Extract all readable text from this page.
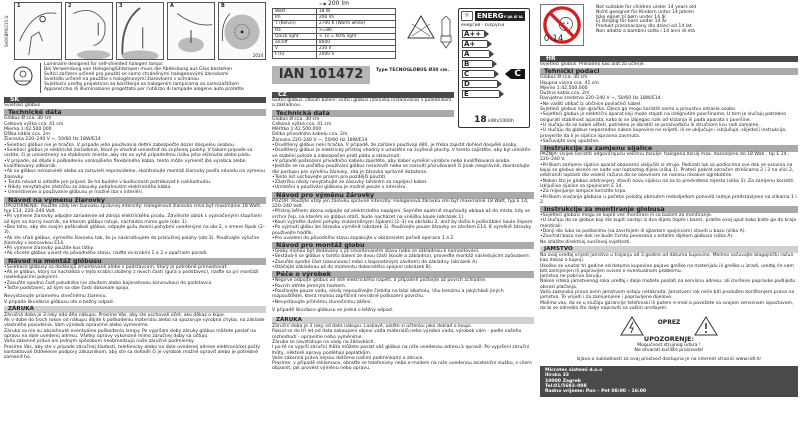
SH00BM0215-U
1	2	3	A	B
2014

Luminaire designed for self-shielded halogen lamps

Bei Verwendung von Halogenglühlampen muss die Abdeckung aus Glas bestehen

Svítící zařízení určené pro použití se samo chráněnými halogenovými žárovkami

Svietidlo určené na použitie s halogénovými žiarovkami s ochranou

Svjetlosni uređaj projektiran za korištenje sa halogenim lampicama sa samozaštitom

Apparecchio di illuminazione progettato per l'utilizzo di lampade alogene auto protette

SK

Svietiaci glóbus

Technické dáta

Glóbus Ø cca. 30 cm

Celková výška cca. 41 cm

Mierka 1:42.500.000

Dĺžka kábla cca. 2m

Žiarovka 220–240 V ~, 50/60 Hz 18W/E14

•Svietiaci glóbus nie je hračka. V prípade jeho používania deťmi zabezpečte dozor dospelou osobou.

•Svietiaci glóbus je elektrické zariadenie, ktoré je vhodné umiestniť do zvýšenej polohy. V takom prípade sa uistite, či je umiestnený na stabilnom mieste, aby ste sa vyhli prípadnému riziku jeho skĺznutia alebo pádu.

•V prípade, ak dôjde k poškodeniu vonkajšieho flexibilného kábla, tento môže vymeniť iba výrobca alebo kvalifikovaný odborník.

•Ak sa glóbus nerozsvieti alebo sa rozsvieti nepravidelne, skontrolujte montáž žiarovky podľa návodu na výmenu žiarovky.

• Tento návod si odložte pre prípad, že ho budete v budúcnosti potrebovať k nahliadnutiu.

• Nikdy nevyťahujte zástrčku zo zásuvky potiahnutím elektrického kábla.

• Umiestnenie a používanie glóbusu je možné iba v interiéri.

Návod na výmenu žiarovky

UPOZORNENIE: Použite vždy len žiarovku správnej intenzity: Halogénová žiarovka smie byť maximálne 18 Watt, typ E14, 220–240 Volt.

•Pri výmene žiarovky odpojte zariadenie od zdroja elektrického prúdu. Zdvihnite oblúk s vyznačenými stupňami až kým sa horný svorník, na ktorom glóbus rotuje, nachádza mimo gule (obr. 1).

•Bez toho, aby ste svojím poškrabali glóbus, odpojte guľu dvomi pohybmi uvedenými na obr.2, v smere šípok (2–3).

•Ak ste sňali glóbus, vymeňte žiarovku tak, že ju naskrutkujete do príslušnej polohy (obr.3). Používajte výlučne žiarovky s koncovkou E14.

•Pri výmene žiarovky použite kus látky.

•Ak chcete glóbus uviesť do pôvodného stavu, riaďte sa krokmi 1 a 2 v opačnom poradí.

Návod na montáž glóbusu

•Svietiace glóbusy sa dodávajú zmontované alebo s podstavcom, ktorý je potrebné primontovať.

•Ak je glóbus, ktorý sa nachádza v tejto krabici zložený z dvoch častí (guľa a podstavec), riaďte sa pri montáži nasledujúcimi pokynmi:

•Zasuňte spodnú časť poludníka (so závitom alebo bajonetovou koncovkou) do podstavca.

•Točte podstavec, až kým sa obe časti dokonale spoja.

Nevystavujte priamemu slnečnému žiareniu.

V prípade likvidácie glóbusu ide o bežný odpad.

ZÁRUKA

Záručná doba je 3 roky odo dňa nákupu. Prosíme Vás, aby ste uschovali účet, ako dôkaz o kúpe.

Ak v dobe do troch rokov od nákupu dôjde k poškodeniu materiálu alebo sa spozoruje výrobná chyba, na základe vlastného posúdenia, Vám výrobok opravíme alebo vymeníme.

Záruka sa nie su obsiahnuté eventuálne poškodenia lampy. Po vypršaní doby záruky glóbus môžete poslať na opravu na dole uvedenú adresu. Všetky opravy vykonané mimo záručnej doby sa účtujú.

Vaša zákonné práva ani jedným spôsobom neobmedzujú naše záručné podmienky.

Prosíme Vás, aby ste v prípade záručnej žiadosti, telefonicky alebo na dole uvedenej adrese elektronickej pošty kontaktovali Oddelenie podpory zákazníkom, aby ste sa dohodli či je výrobok možné opraviť alebo je potrebné zameniť ho.

≈ ▶ 200 lm
Watt	18 W
lm	200 lm
T (Kelvin)	2700 K (Warm white)
Ra	>=80
Quick light	< 1s = 60% light
on/off	8000
V	230 V
t (h)	2000 h
IAN 101472	Type TECNOGLOBUS Ø30 cm.
☼	ENERGY IJA IE IA
енергия · ενεργεια
A++
A+
A
B
C	C
D
E
18 kWh/1000h
CZ

Svítící glóbus. Obsah balení: svítící glóbus (žárovka instalována) s poledníkem a základnou.

Technická data

Glóbus Ø cca. 30 cm

Celková výška cca. 41 cm

Měřítko 1:42.500.000

Délka přívodního kabelu cca. 2m

Žárovka 220–240 V ~, 50/60 Hz 18W/E14

•Osvětlený glóbus není hračka. V případě, že zařízení používají děti, je třeba zajistit dohled dospělé osoby.

•Osvětlený glóbus je elektrický přístroj vhodný k umístění na zvýšené plochy. V tomto zajistěte, aby byl umístěn ve stabilní poloze a zabezpečen proti pádu a sklouznutí.

•V případě poškození přívodního kabelu zajistěte, aby kabel vyměnil výrobce nebo kvalifikovaná osoba.

•Jestliže se na počátku používání glóbus nerozsvítí nebo se rozsvítí přerušovaně či jinak nesprávně, zkontrolujte dle postupu pro výměnu žárovky, zda je žárovka správně dotažena.

•Tento list uschovejte prosím pro pozdější použití.

•Zástrčku nikdy nevytahujte ze zásuvky taháním za napájecí kabel.

•Umístění a používání glóbusu je možné pouze v interiéru.

Návod pro výměnu žárovky

POZOR: Použijte vždy jen žárovku správné intenzity: Halogenová žárovka smí být maximálně 18 Watt, typ E 14, 220–240 Volt.

•Přístroj během úkonu odpojte od elektrického napájení. Sejměte opatrně stupňovitý oblouk až do místa, kdy se vrchní čep, na kterém se glóbus otáčí, bude nacházet na vnějšku koule (obrázek 1).

•Kouli vyjměte dvěmi pohyby znázorněnými šipkami (2–3) na obrázku 2, aniž by došlo k poškrábání koule čepem.

•Po vyjmutí glóbu lze žárovku vyměnit (obrázek 3). Používejte pouze žárovky se závitem E14. K výměně žárovky používejte hadřík.

•Pro uvedení do původního stavu zopakujte v obráceném pořadí operace 1 a 2.

Návod pro montáž globu

•Globy mohou být dodávány v již smontovaném stavu nebo se základnou k namontování.

•Sestává-li se glóbus v tomto balení ze dvou částí (koule a základna), proveďte montáž následujícím způsobem:

•Zasuňte spodní část (zasunovací nebo s bajonetovým závitem) do základny (obrázek A).

•Otáčejte základnou až do momentu dokonalého spojení (obrázek B).

Péče o výrobek

•Nejprve odpojte glóbus od sítě elektrického napětí, a případně počkejte až povrch zchladne.

•Povrch otřete jemným hadrem.

•Používejte pouze vodu, nikdy nepoužívejte čistidla na bázi alkoholu, lihu benzínu a jakýchkoli jiných rozpouštědel, která mohou zapříčinit nevratné poškození povrchu.

•Nevystavujte přímému slunečnímu záření.

V případě likvidace glóbusu se jedná o běžný odpad.

ZÁRUKA

Záruční doba je 3 roky od data nákupu. Laskavě, uložte si účtenku jako doklad o koupi.

Pokud se do tří let od data zakoupení objeví vada materiálů nebo výrobní vada, výrobek vám - podle našeho rozhodnutí - opravíme nebo vyměníme.

Záruka se nevztahuje na vady na žárovkách.

I po té co vyprší záruční lhůta můžete poslat váš glóbus na níže uvedenou adresu k opravě. Po vypršení záruční lhůty, některé opravy podléhají poplatkům.

Vaše zákonná práva nejsou dotčena našimi podmínkami o záruce.

Prosíme, v případě reklamace, obraťte se telefonicky nebo e-mailem na níže uvedenou asistenční službu, s cílem objasnit, jak provést výměnu nebo opravu.

0-14

Not suitable for children under 14 years old

Nicht geeignet für Kindern unter 14 Jahren

Ikke egnet til børn under 14 år

Ej lämplig för barn under 14 år

Produkt przeznaczony dla dzieci od 14 lat

Non adatto a bambini sotto i 14 anni di età

HR

Svjetleći globus. Prikladno kao alat za učenje.

Tehnički podaci

Globus Ø cca. 30 cm

Ukupna visina cca. 41 cm

Mjerilo 1:42.500.000

Dužina kabla cca. 2m

Rasvjetno sredstvo 220–240 V ~, 50/60 Hz 18W/E14

•Ne vaditi utikač iz utičnice povlačeći kabel.

Svjetleći globus nije igračka. Djeca ga mogu koristiti samo u prisustvu odrasle osobe.

•Svjetleći globus je električni aparat koji može stajati na izdignutim površinama. U tom je slučaju potrebno osigurati stabilnost aparata, kako bi se izbjegao rizik od klizanja ili pada aparata s površine.

•U slučaju da se kabel ošteti, potrebno je obratiti se proizvođaču ili stručnom licu radi zamjene.

•U slučaju da globus neposredno nakon kupovine ne svijetli, ili se uključuje i isključuje, slijedeći instrukcije, provjerite da li je sijalica ispravno zavrnuta.

•Sačuvajte ovaj uputstvo.

Instrukcije za zamjenu sijalice

PAŽNJA: Uvijek koristiti odgovarajuću veličinu žarulje: halogena žarulj max. dozvoljeno do 18 Wati , tip E 14 , 220–240 V.

•Prilikom zamjene sijalice aparat obavezno isključiti iz struje. Podizati luk sa podiocima sve dok se osovina na kojoj se globus okreće ne nađe van loptastog dijela (slika 1). Prateći pokret označen strelicama 2 i 3 na slici 2, odstraniti loptasti dio vodeći računa da se osovinom ne nanesu nikakve ogrebotine.

•Nakon što je globus odstranjen, staviti novu sijalicu na za to predviđeno mjesto (slika 3). Za zamjenu koristiti isključivo sijalice sa spojnicom E 14.

•Za mijenjanje lampice koristite krpu.

•Prilikom vraćanja globusa u početni položaj obrnutim redosljedom ponoviti radnje predstavljene na slikama 1 i 2.

Instrukcije za montiranje globusa

•Svjetleći globusi mogu se kupiti već montirani ili sa bazom za montiranje.

•U slučaju da se globus koji ste kupili sastoji iz dva dijela (lopte i baze), pratite ovaj uput kako biste ga do kraja montirali:

•Donji dio luka sa podiocima (sa zavrtnjem ili iglastom spojnicom) staviti u bazu (slika A).

•Zavrtati bazu sve dok ne bude čvrsto povezana s ostalim dijelom globusa (slika A).

Ne izlažite direktnoj sunčevoj svjetlosti.

JAMSTVO

Na ovaj uređaj vrijedi jamstvo u trajanju od 3 godine od datuma kupovine. Molimo sačuvajte blagajnički račun kao dokaz o kupnji.

Ukoliko se unutar tri godine od datuma kupovine pojave greške na materijalu ili greške u izradi, uređaj će vam biti zamijenjen ili popravljen ovisno o eventualnom problemu.

Jamstvo ne pokriva žarulju.

Nakon isteka jamstvenog roka uređaj i dalje možete poslati na servisnu adresu, ali izvršene popravke podliježu obvezi plaćanja.

Vaša zakonska prava ovim jamstvom ostaju netaknuta. Jamstveni rok neće biti produžen korištenjem prava na jamstvo. To vrijedi i za zamijenjene i popravljene dijelove.

Molimo vas, da se u slučaju garancije telefonski ili putem e-mail-a povežete sa svojom servisnom ispostavom, da bi se odredilo što dalje napraviti sa vašim uređajem.

OPREZ
UPOZORENJE:

Mogućnost strujnog udara !

Ne otvarati kućište proizvoda!

Izjava o sukladnosti za ovaj proizvod dostupna je na internet stranici www.lidl.hr

Microtec sistemi d.o.o

Ilirska 33

10000 Zagreb

Tel:01/5692–008

Radno vrijeme: Pon – Pet 08:00 – 16:00
